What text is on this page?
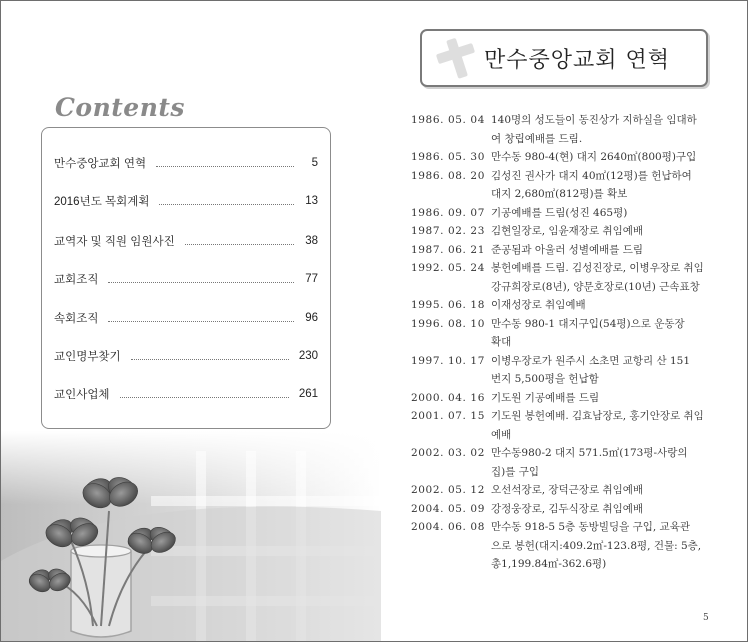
Contents
만수중앙교회 연혁	5
2016년도 목회계획	13
교역자 및 직원 임원사진	38
교회조직	77
속회조직	96
교인명부찾기	230
교인사업체	261
만수중앙교회 연혁
1986. 05. 04 140명의 성도들이 동진상가 지하실을 임대하
여 창립예배를 드림.
1986. 05. 30 만수동 980-4(현) 대지 2640㎡(800평)구입
1986. 08. 20 김성진 권사가 대지 40㎡(12평)를 헌납하여
대지 2,680㎡(812평)를 확보
1986. 09. 07 기공예배를 드림(성진 465평)
1987. 02. 23 김현일장로, 임윤재장로 취임예배
1987. 06. 21 준공됨과 아울러 성별예배를 드림
1992. 05. 24 봉헌예배를 드림. 김성진장로, 이병우장로 취임
강규희장로(8년), 양문호장로(10년) 근속표창
1995. 06. 18 이재성장로 취임예배
1996. 08. 10 만수동 980-1 대지구입(54평)으로 운동장
확대
1997. 10. 17 이병우장로가 원주시 소초면 교항리 산 151
번지 5,500평을 헌납함
2000. 04. 16 기도원 기공예배를 드림
2001. 07. 15 기도원 봉헌예배. 김효남장로, 홍기안장로 취임
예배
2002. 03. 02 만수동980-2 대지 571.5㎡(173평-사랑의
집)를 구입
2002. 05. 12 오선석장로, 장덕근장로 취임예배
2004. 05. 09 강정웅장로, 김두식장로 취임예배
2004. 06. 08 만수동 918-5 5층 동방빌딩을 구입, 교육관
으로 봉헌(대지:409.2㎡-123.8평, 건물: 5층,
총1,199.84㎡-362.6평)
5
